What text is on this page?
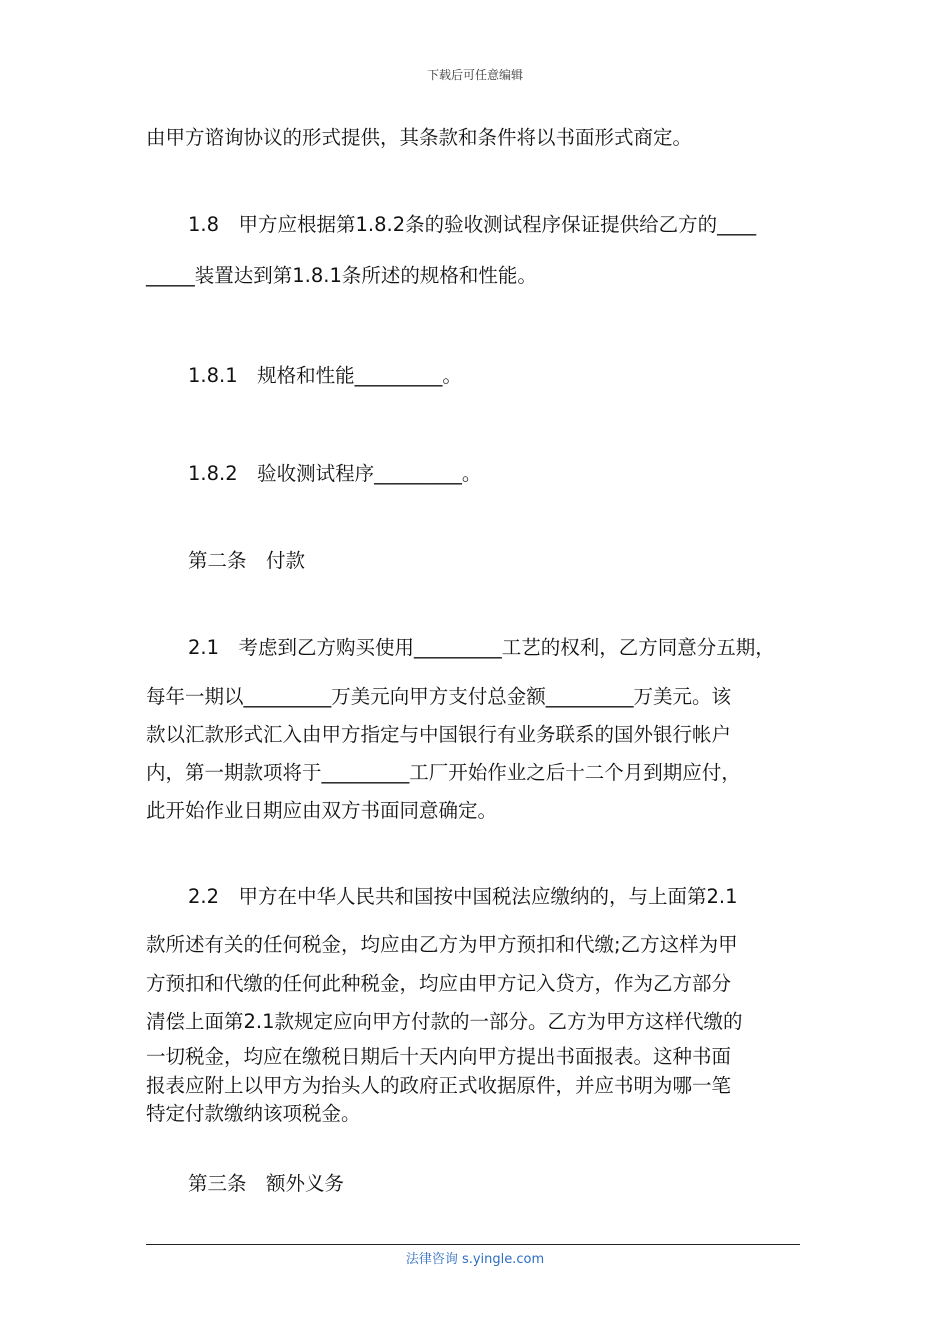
下载后可任意编辑
由甲方谘询协议的形式提供，其条款和条件将以书面形式商定。
1.8　甲方应根据第1.8.2条的验收测试程序保证提供给乙方的____
_____装置达到第1.8.1条所述的规格和性能。
1.8.1　规格和性能_________。
1.8.2　验收测试程序_________。
第二条　付款
2.1　考虑到乙方购买使用_________工艺的权利，乙方同意分五期，
每年一期以_________万美元向甲方支付总金额_________万美元。该
款以汇款形式汇入由甲方指定与中国银行有业务联系的国外银行帐户
内，第一期款项将于_________工厂开始作业之后十二个月到期应付，
此开始作业日期应由双方书面同意确定。
2.2　甲方在中华人民共和国按中国税法应缴纳的，与上面第2.1
款所述有关的任何税金，均应由乙方为甲方预扣和代缴;乙方这样为甲
方预扣和代缴的任何此种税金，均应由甲方记入贷方，作为乙方部分
清偿上面第2.1款规定应向甲方付款的一部分。乙方为甲方这样代缴的
一切税金，均应在缴税日期后十天内向甲方提出书面报表。这种书面
报表应附上以甲方为抬头人的政府正式收据原件，并应书明为哪一笔
特定付款缴纳该项税金。
第三条　额外义务
法律咨询 s.yingle.com
